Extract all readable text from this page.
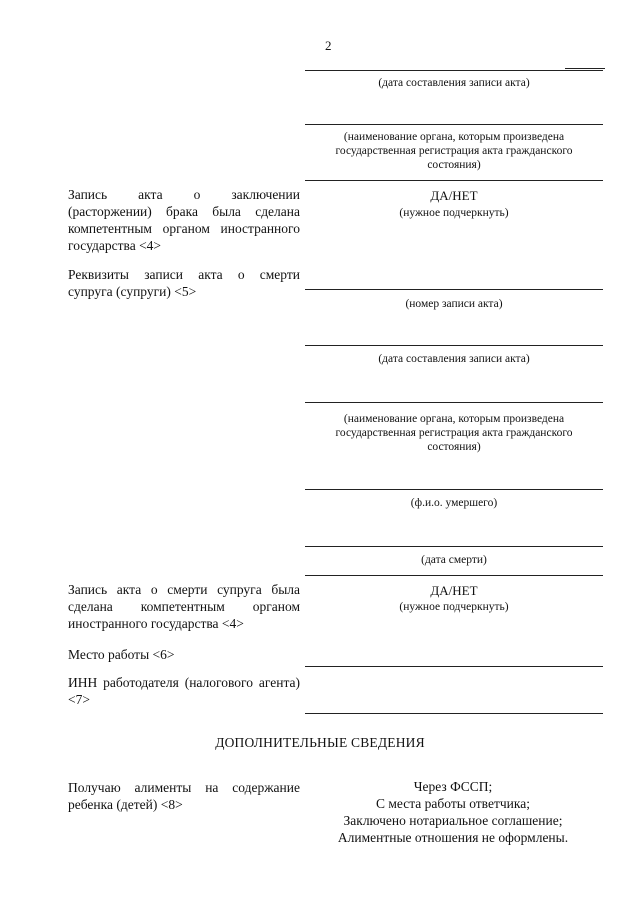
2
(дата составления записи акта)
(наименование органа, которым произведена государственная регистрация акта гражданского состояния)
Запись акта о заключении (расторжении) брака была сделана компетентным органом иностранного государства <4>
ДА/НЕТ
(нужное подчеркнуть)
Реквизиты записи акта о смерти супруга (супруги) <5>
(номер записи акта)
(дата составления записи акта)
(наименование органа, которым произведена государственная регистрация акта гражданского состояния)
(ф.и.о. умершего)
(дата смерти)
Запись акта о смерти супруга была сделана компетентным органом иностранного государства <4>
ДА/НЕТ
(нужное подчеркнуть)
Место работы <6>
ИНН работодателя (налогового агента) <7>
ДОПОЛНИТЕЛЬНЫЕ СВЕДЕНИЯ
Получаю алименты на содержание ребенка (детей) <8>
Через ФССП;
С места работы ответчика;
Заключено нотариальное соглашение;
Алиментные отношения не оформлены.
